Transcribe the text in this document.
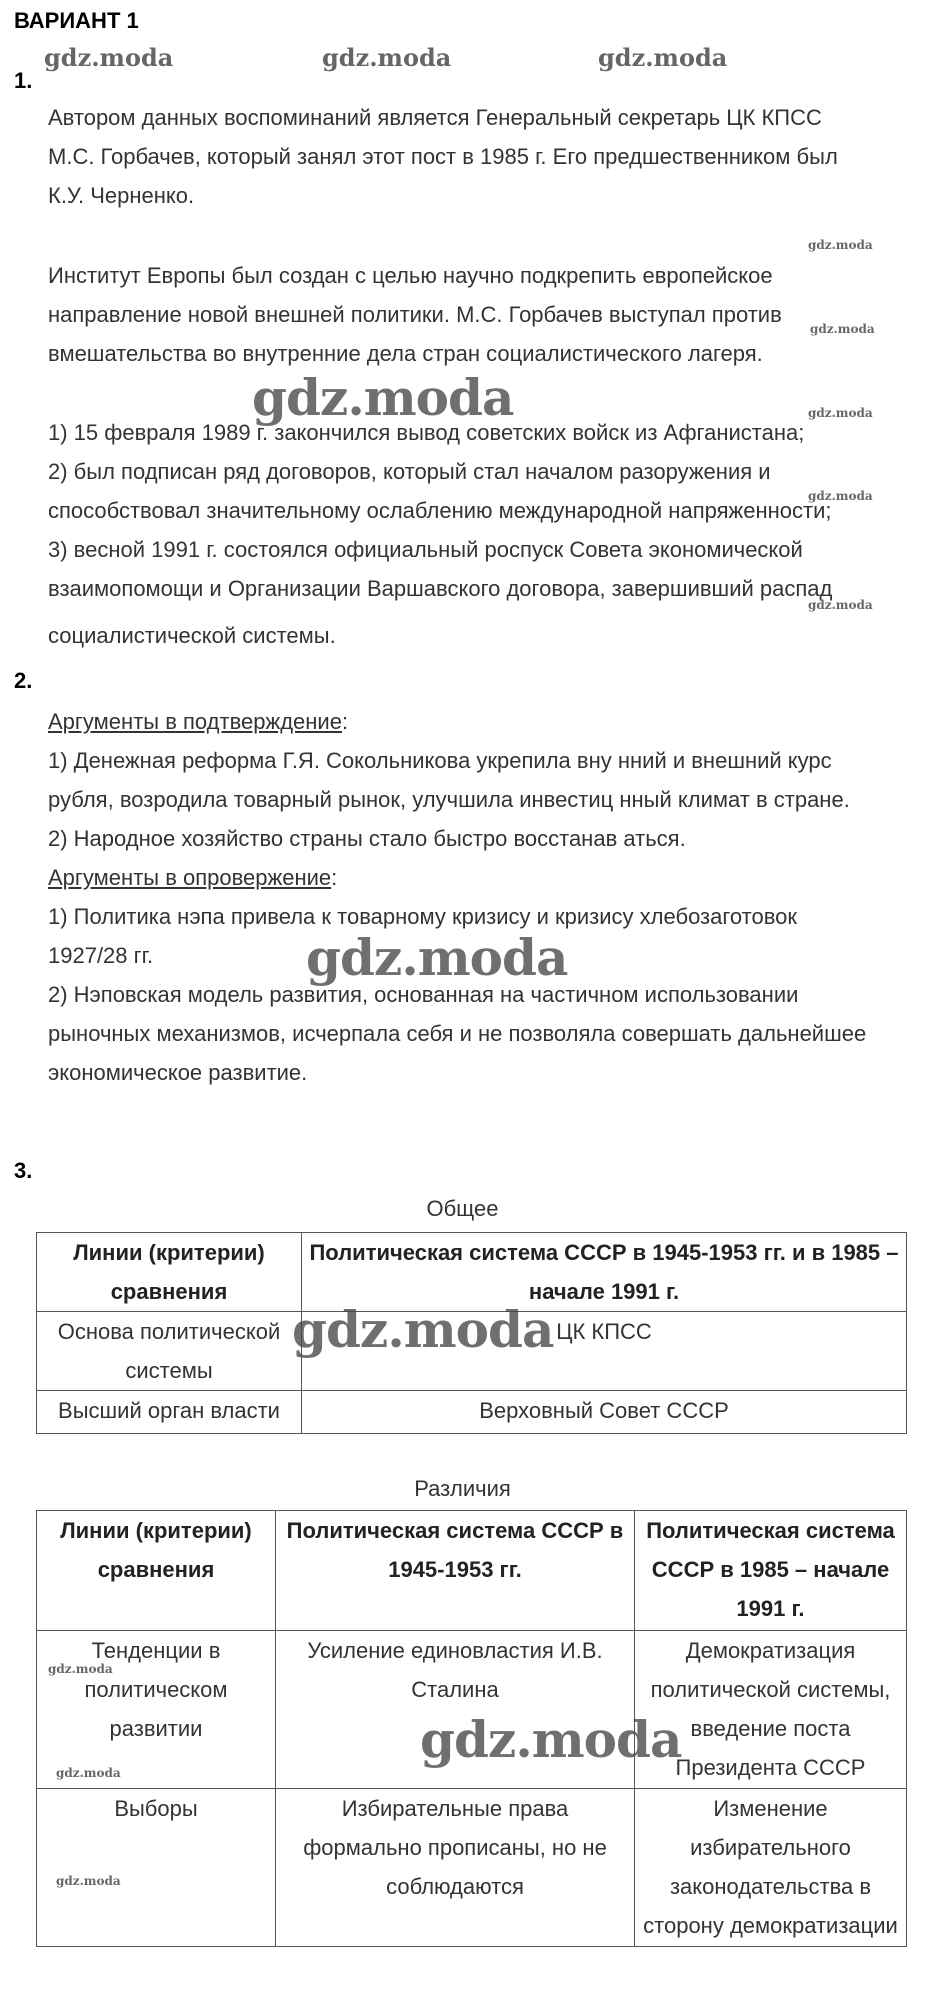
ВАРИАНТ 1
gdz.moda	gdz.moda	gdz.moda
1.
Автором данных воспоминаний является Генеральный секретарь ЦК КПСС
М.С. Горбачев, который занял этот пост в 1985 г. Его предшественником был
К.У. Черненко.
gdz.moda
Институт Европы был создан с целью научно подкрепить европейское
направление новой внешней политики. М.С. Горбачев выступал против
gdz.moda
вмешательства во внутренние дела стран социалистического лагеря.
gdz.moda	gdz.moda
1) 15 февраля 1989 г. закончился вывод советских войск из Афганистана;
2) был подписан ряд договоров, который стал началом разоружения и
gdz.moda
способствовал значительному ослаблению международной напряженности;
3) весной 1991 г. состоялся официальный роспуск Совета экономической
взаимопомощи и Организации Варшавского договора, завершивший распад
gdz.moda
социалистической системы.
2.
Аргументы в подтверждение:
1) Денежная реформа Г.Я. Сокольникова укрепила вну нний и внешний курс
рубля, возродила товарный рынок, улучшила инвестиц нный климат в стране.
2) Народное хозяйство страны стало быстро восстанав аться.
Аргументы в опровержение:
1) Политика нэпа привела к товарному кризису и кризису хлебозаготовок
1927/28 гг.	gdz.moda
2) Нэповская модель развития, основанная на частичном использовании
рыночных механизмов, исчерпала себя и не позволяла совершать дальнейшее
экономическое развитие.
3.
Общее
Линии (критерии) сравнения	Политическая система СССР в 1945-1953 гг. и в 1985 – начале 1991 г.
Основа политической системы	ЦК КПСС
Высший орган власти	Верховный Совет СССР
gdz.moda
Различия
Линии (критерии) сравнения	Политическая система СССР в 1945-1953 гг.	Политическая система СССР в 1985 – начале 1991 г.
Тенденции в политическом развитии	Усиление единовластия И.В. Сталина	Демократизация политической системы, введение поста Президента СССР
Выборы	Избирательные права формально прописаны, но не соблюдаются	Изменение избирательного законодательства в сторону демократизации
gdz.moda
gdz.moda
gdz.moda
gdz.moda
